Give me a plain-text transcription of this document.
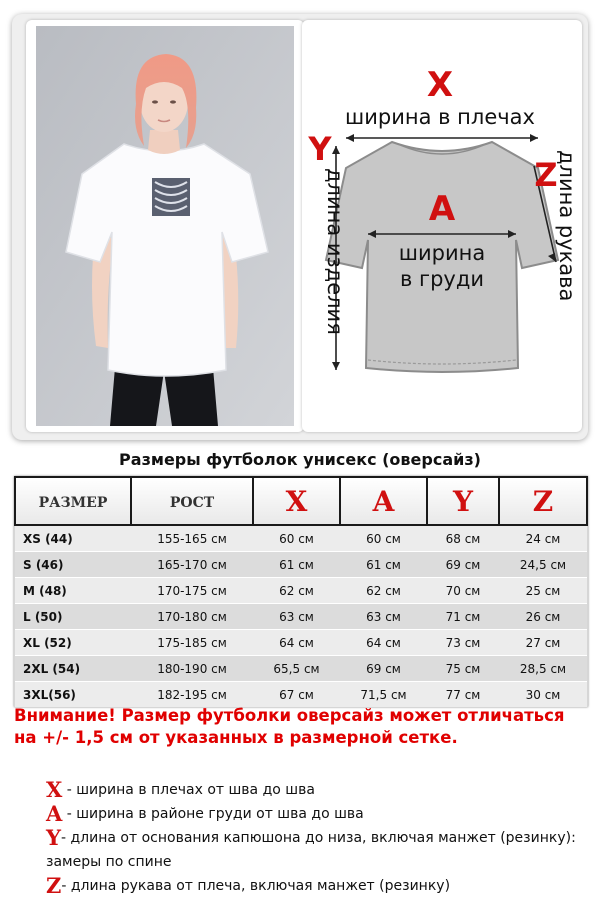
X
ширина в плечах
Y
длина изделия	Z
длина рукава
A
ширина
в груди
Размеры футболок унисекс (оверсайз)
РАЗМЕР	РОСТ	X	A	Y	Z
XS (44)	155-165 см	60 см	60 см	68 см	24 см
S (46)	165-170 см	61 см	61 см	69 см	24,5 см
M (48)	170-175 см	62 см	62 см	70 см	25 см
L (50)	170-180 см	63 см	63 см	71 см	26 см
XL (52)	175-185 см	64 см	64 см	73 см	27 см
2XL (54)	180-190 см	65,5 см	69 см	75 см	28,5 см
3XL(56)	182-195 см	67 см	71,5 см	77 см	30 см
Внимание! Размер футболки оверсайз может отличаться на +/- 1,5 см от указанных в размерной сетке.
X - ширина в плечах от шва до шва
A - ширина в районе груди от шва до шва
Y- длина от основания капюшона до низа, включая манжет (резинку): замеры по спине
Z- длина рукава от плеча, включая манжет (резинку)
